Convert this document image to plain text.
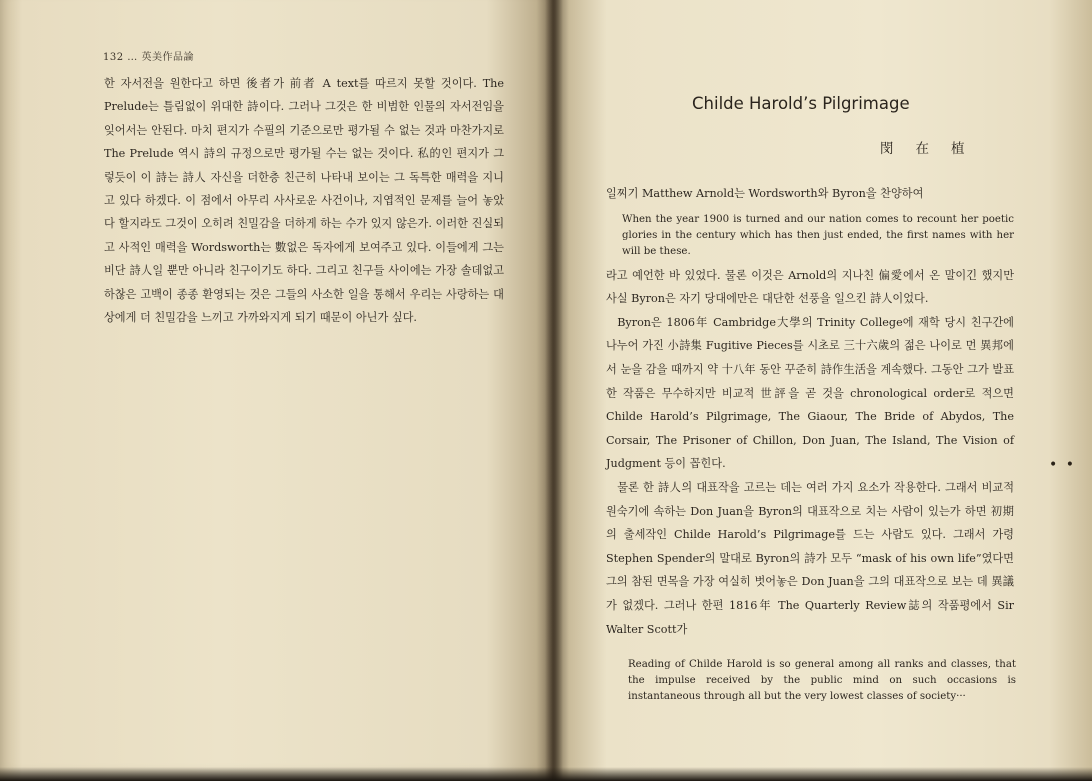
132 … 英美作品論

한 자서전을 원한다고 하면 後者가 前者 A text를 따르지 못할 것이다. The Prelude는 틀림없이 위대한 詩이다. 그러나 그것은 한 비범한 인물의 자서전임을 잊어서는 안된다. 마치 편지가 수필의 기준으로만 평가될 수 없는 것과 마찬가지로 The Prelude 역시 詩의 규정으로만 평가될 수는 없는 것이다. 私的인 편지가 그렇듯이 이 詩는 詩人 자신을 더한층 친근히 나타내 보이는 그 독특한 매력을 지니고 있다 하겠다. 이 점에서 아무리 사사로운 사건이나, 지엽적인 문제를 늘어 놓았다 할지라도 그것이 오히려 친밀감을 더하게 하는 수가 있지 않은가. 이러한 진실되고 사적인 매력을 Wordsworth는 數없은 독자에게 보여주고 있다. 이들에게 그는 비단 詩人일 뿐만 아니라 친구이기도 하다. 그리고 친구들 사이에는 가장 솔데없고 하찮은 고백이 종종 환영되는 것은 그들의 사소한 일을 통해서 우리는 사랑하는 대상에게 더 친밀감을 느끼고 가까와지게 되기 때문이 아닌가 싶다.

Childe Harold’s Pilgrimage
閔在植

일찌기 Matthew Arnold는 Wordsworth와 Byron을 찬양하여

When the year 1900 is turned and our nation comes to recount her poetic glories in the century which has then just ended, the first names with her will be these.

라고 예언한 바 있었다. 물론 이것은 Arnold의 지나친 偏愛에서 온 말이긴 했지만 사실 Byron은 자기 당대에만은 대단한 선풍을 일으킨 詩人이었다.

Byron은 1806年 Cambridge大學의 Trinity College에 재학 당시 친구간에 나누어 가진 小詩集 Fugitive Pieces를 시초로 三十六歲의 젊은 나이로 먼 異邦에서 눈을 감을 때까지 약 十八年 동안 꾸준히 詩作生活을 계속했다. 그동안 그가 발표한 작품은 무수하지만 비교적 世評을 곧 것을 chronological order로 적으면 Childe Harold’s Pilgrimage, The Giaour, The Bride of Abydos, The Corsair, The Prisoner of Chillon, Don Juan, The Island, The Vision of Judgment 등이 꼽힌다.

물론 한 詩人의 대표작을 고르는 데는 여러 가지 요소가 작용한다. 그래서 비교적 원숙기에 속하는 Don Juan을 Byron의 대표작으로 치는 사람이 있는가 하면 初期의 출세작인 Childe Harold’s Pilgrimage를 드는 사람도 있다. 그래서 가령 Stephen Spender의 말대로 Byron의 詩가 모두 “mask of his own life”였다면 그의 참된 면목을 가장 여실히 벗어놓은 Don Juan을 그의 대표작으로 보는 데 異議가 없겠다. 그러나 한편 1816年 The Quarterly Review誌의 작품평에서 Sir Walter Scott가

Reading of Childe Harold is so general among all ranks and classes, that the impulse received by the public mind on such occasions is instantaneous through all but the very lowest classes of society···
• •
